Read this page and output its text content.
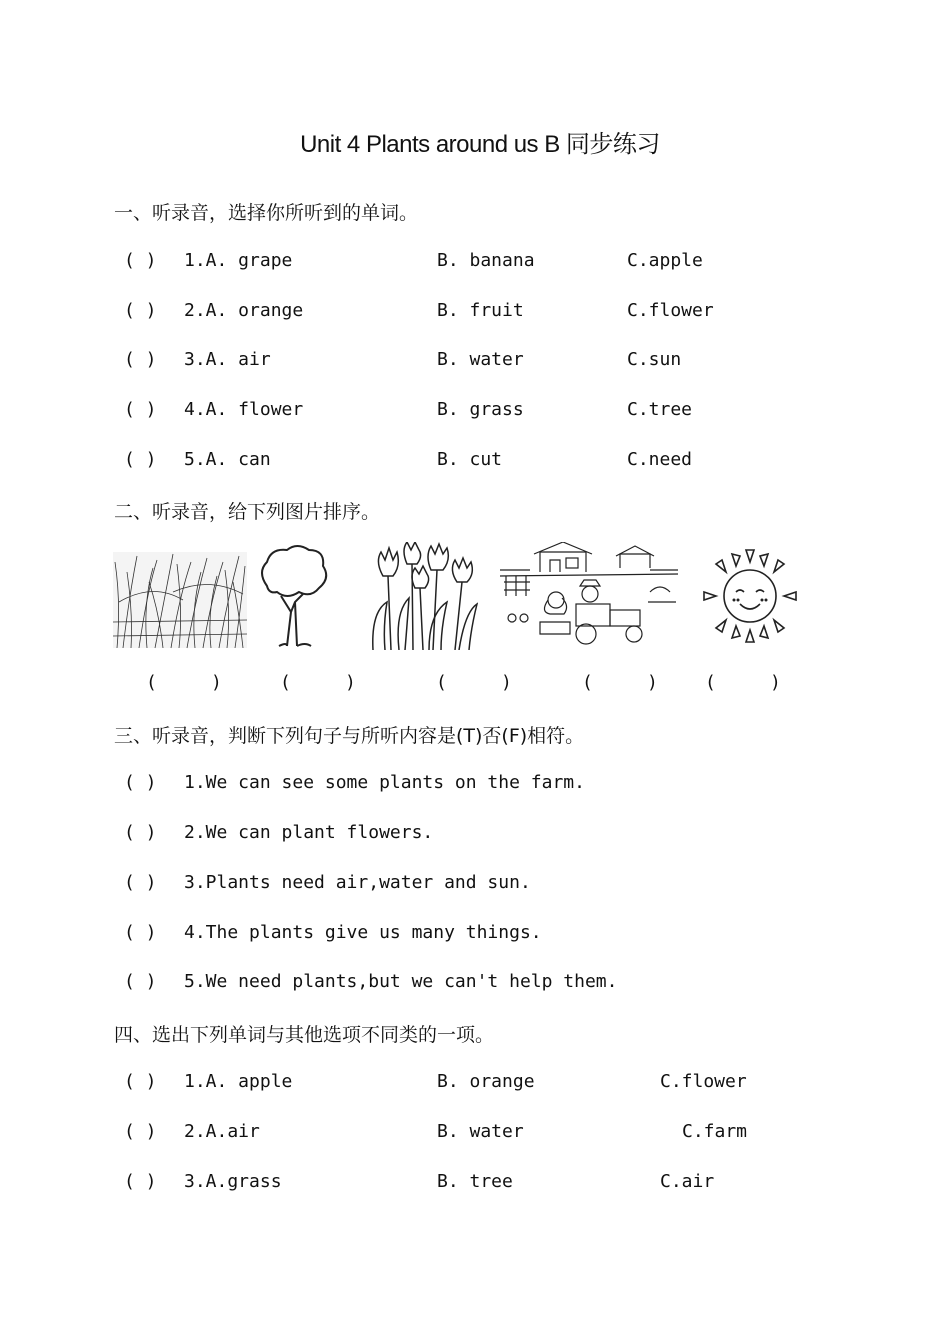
Unit 4 Plants around us B 同步练习
一、听录音，选择你所听到的单词。
( ) 1.A. grape	B. banana	C.apple
( ) 2.A. orange	B. fruit	C.flower
( ) 3.A. air	B. water	C.sun
( ) 4.A. flower	B. grass	C.tree
( ) 5.A. can	B. cut	C.need
二、听录音，给下列图片排序。
(     )	(     )	(     )	(     )	(     )
三、听录音，判断下列句子与所听内容是(T)否(F)相符。
( ) 1.We can see some plants on the farm.
( ) 2.We can plant flowers.
( ) 3.Plants need air,water and sun.
( ) 4.The plants give us many things.
( ) 5.We need plants,but we can't help them.
四、选出下列单词与其他选项不同类的一项。
( ) 1.A. apple	B. orange	C.flower
( ) 2.A.air	B. water	C.farm
( ) 3.A.grass	B. tree	C.air
